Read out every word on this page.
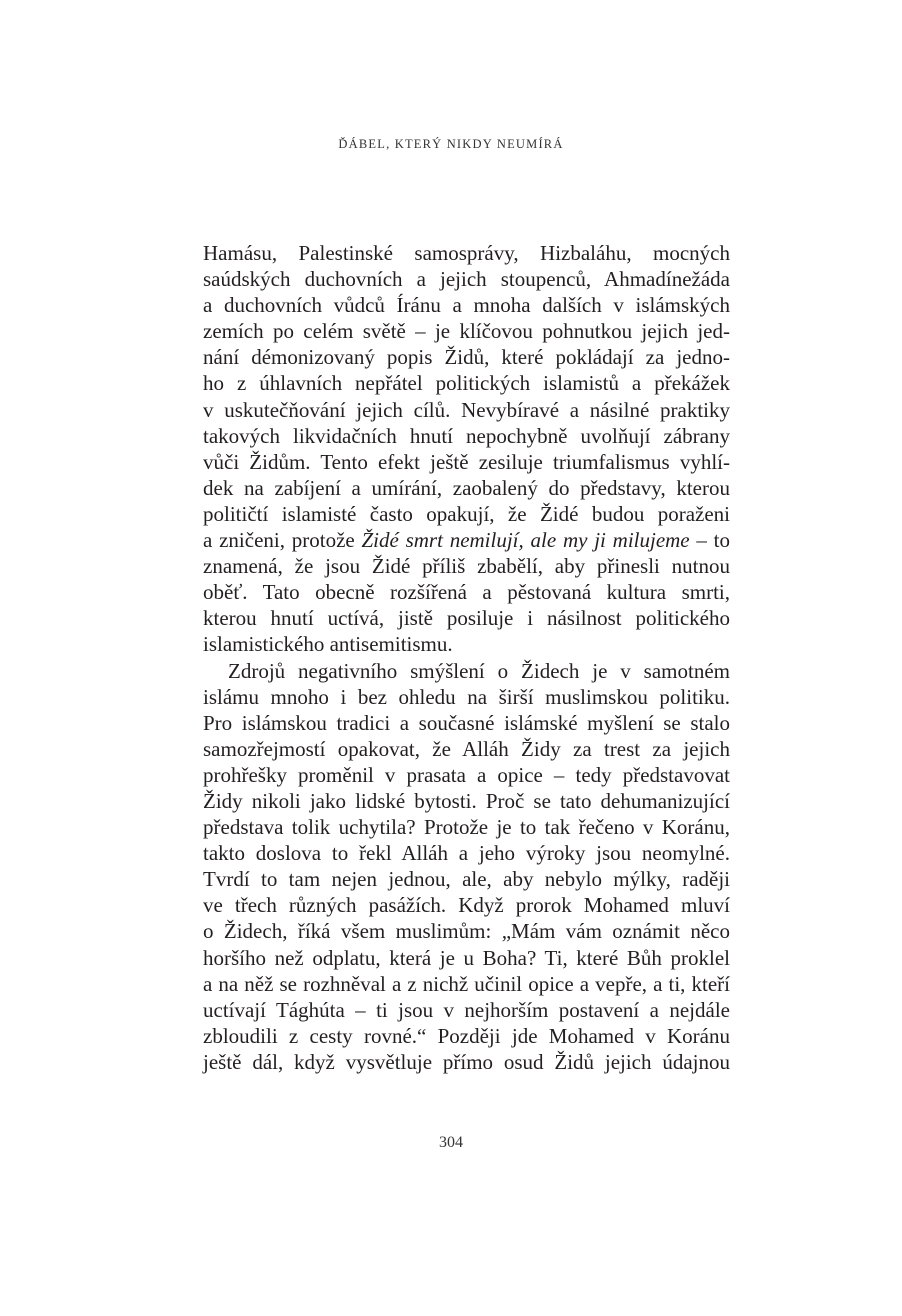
ĎÁBEL, KTERÝ NIKDY NEUMÍRÁ
Hamásu, Palestinské samosprávy, Hizbaláhu, mocných
saúdských duchovních a jejich stoupenců, Ahmadínežáda
a duchovních vůdců Íránu a mnoha dalších v islámských
zemích po celém světě – je klíčovou pohnutkou jejich jed-
nání démonizovaný popis Židů, které pokládají za jedno-
ho z úhlavních nepřátel politických islamistů a překážek
v uskutečňování jejich cílů. Nevybíravé a násilné praktiky
takových likvidačních hnutí nepochybně uvolňují zábrany
vůči Židům. Tento efekt ještě zesiluje triumfalismus vyhlí-
dek na zabíjení a umírání, zaobalený do představy, kterou
političtí islamisté často opakují, že Židé budou poraženi
a zničeni, protože Židé smrt nemilují, ale my ji milujeme – to
znamená, že jsou Židé příliš zbabělí, aby přinesli nutnou
oběť. Tato obecně rozšířená a pěstovaná kultura smrti,
kterou hnutí uctívá, jistě posiluje i násilnost politického
islamistického antisemitismu.
Zdrojů negativního smýšlení o Židech je v samotném
islámu mnoho i bez ohledu na širší muslimskou politiku.
Pro islámskou tradici a současné islámské myšlení se stalo
samozřejmostí opakovat, že Alláh Židy za trest za jejich
prohřešky proměnil v prasata a opice – tedy představovat
Židy nikoli jako lidské bytosti. Proč se tato dehumanizující
představa tolik uchytila? Protože je to tak řečeno v Koránu,
takto doslova to řekl Alláh a jeho výroky jsou neomylné.
Tvrdí to tam nejen jednou, ale, aby nebylo mýlky, raději
ve třech různých pasážích. Když prorok Mohamed mluví
o Židech, říká všem muslimům: „Mám vám oznámit něco
horšího než odplatu, která je u Boha? Ti, které Bůh proklel
a na něž se rozhněval a z nichž učinil opice a vepře, a ti, kteří
uctívají Tághúta – ti jsou v nejhorším postavení a nejdále
zbloudili z cesty rovné.“ Později jde Mohamed v Koránu
ještě dál, když vysvětluje přímo osud Židů jejich údajnou
304
